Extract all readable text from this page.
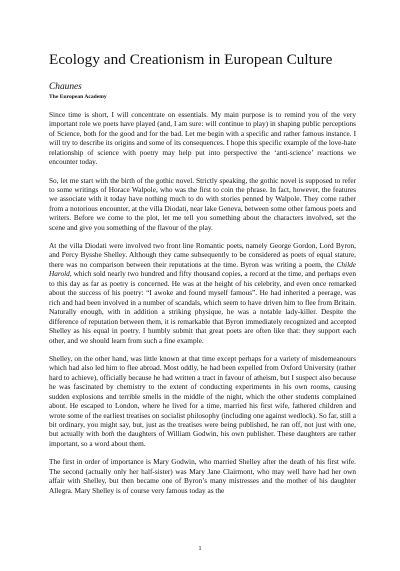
Ecology and Creationism in European Culture
Chaunes
The European Academy

Since time is short, I will concentrate on essentials. My main purpose is to remind you of the very important role we poets have played (and, I am sure: will continue to play) in shaping public perceptions of Science, both for the good and for the bad. Let me begin with a specific and rather famous instance. I will try to describe its origins and some of its consequences. I hope this specific example of the love-hate relationship of science with poetry may help put into perspective the ‘anti-science’ reactions we encounter today.

So, let me start with the birth of the gothic novel. Strictly speaking, the gothic novel is supposed to refer to some writings of Horace Walpole, who was the first to coin the phrase. In fact, however, the features we associate with it today have nothing much to do with stories penned by Walpole. They come rather from a notorious encounter, at the villa Diodati, near lake Geneva, between some other famous poets and writers. Before we come to the plot, let me tell you something about the characters involved, set the scene and give you something of the flavour of the play.

At the villa Diodati were involved two front line Romantic poets, namely George Gordon, Lord Byron, and Percy Bysshe Shelley. Although they came subsequently to be considered as poets of equal stature, there was no comparison between their reputations at the time. Byron was writing a poem, the Childe Harold, which sold nearly two hundred and fifty thousand copies, a record at the time, and perhaps even to this day as far as poetry is concerned. He was at the height of his celebrity, and even once remarked about the success of his poetry: “I awoke and found myself famous”. He had inherited a peerage, was rich and had been involved in a number of scandals, which seem to have driven him to flee from Britain. Naturally enough, with in addition a striking physique, he was a notable lady-killer. Despite the difference of reputation between them, it is remarkable that Byron immediately recognized and accepted Shelley as his equal in poetry. I humbly submit that great poets are often like that: they support each other, and we should learn from such a fine example.

Shelley, on the other hand, was little known at that time except perhaps for a variety of misdemeanours which had also led him to flee abroad. Most oddly, he had been expelled from Oxford University (rather hard to achieve), officially because he had written a tract in favour of atheism, but I suspect also because he was fascinated by chemistry to the extent of conducting experiments in his own rooms, causing sudden explosions and terrible smells in the middle of the night, which the other students complained about. He escaped to London, where he lived for a time, married his first wife, fathered children and wrote some of the earliest treatises on socialist philosophy (including one against wedlock). So far, still a bit ordinary, you might say, but, just as the treatises were being published, he ran off, not just with one, but actually with both the daughters of William Godwin, his own publisher. These daughters are rather important, so a word about them.

The first in order of importance is Mary Godwin, who married Shelley after the death of his first wife. The second (actually only her half-sister) was Mary Jane Clairmont, who may well have had her own affair with Shelley, but then became one of Byron’s many mistresses and the mother of his daughter Allegra. Mary Shelley is of course very famous today as the

1
